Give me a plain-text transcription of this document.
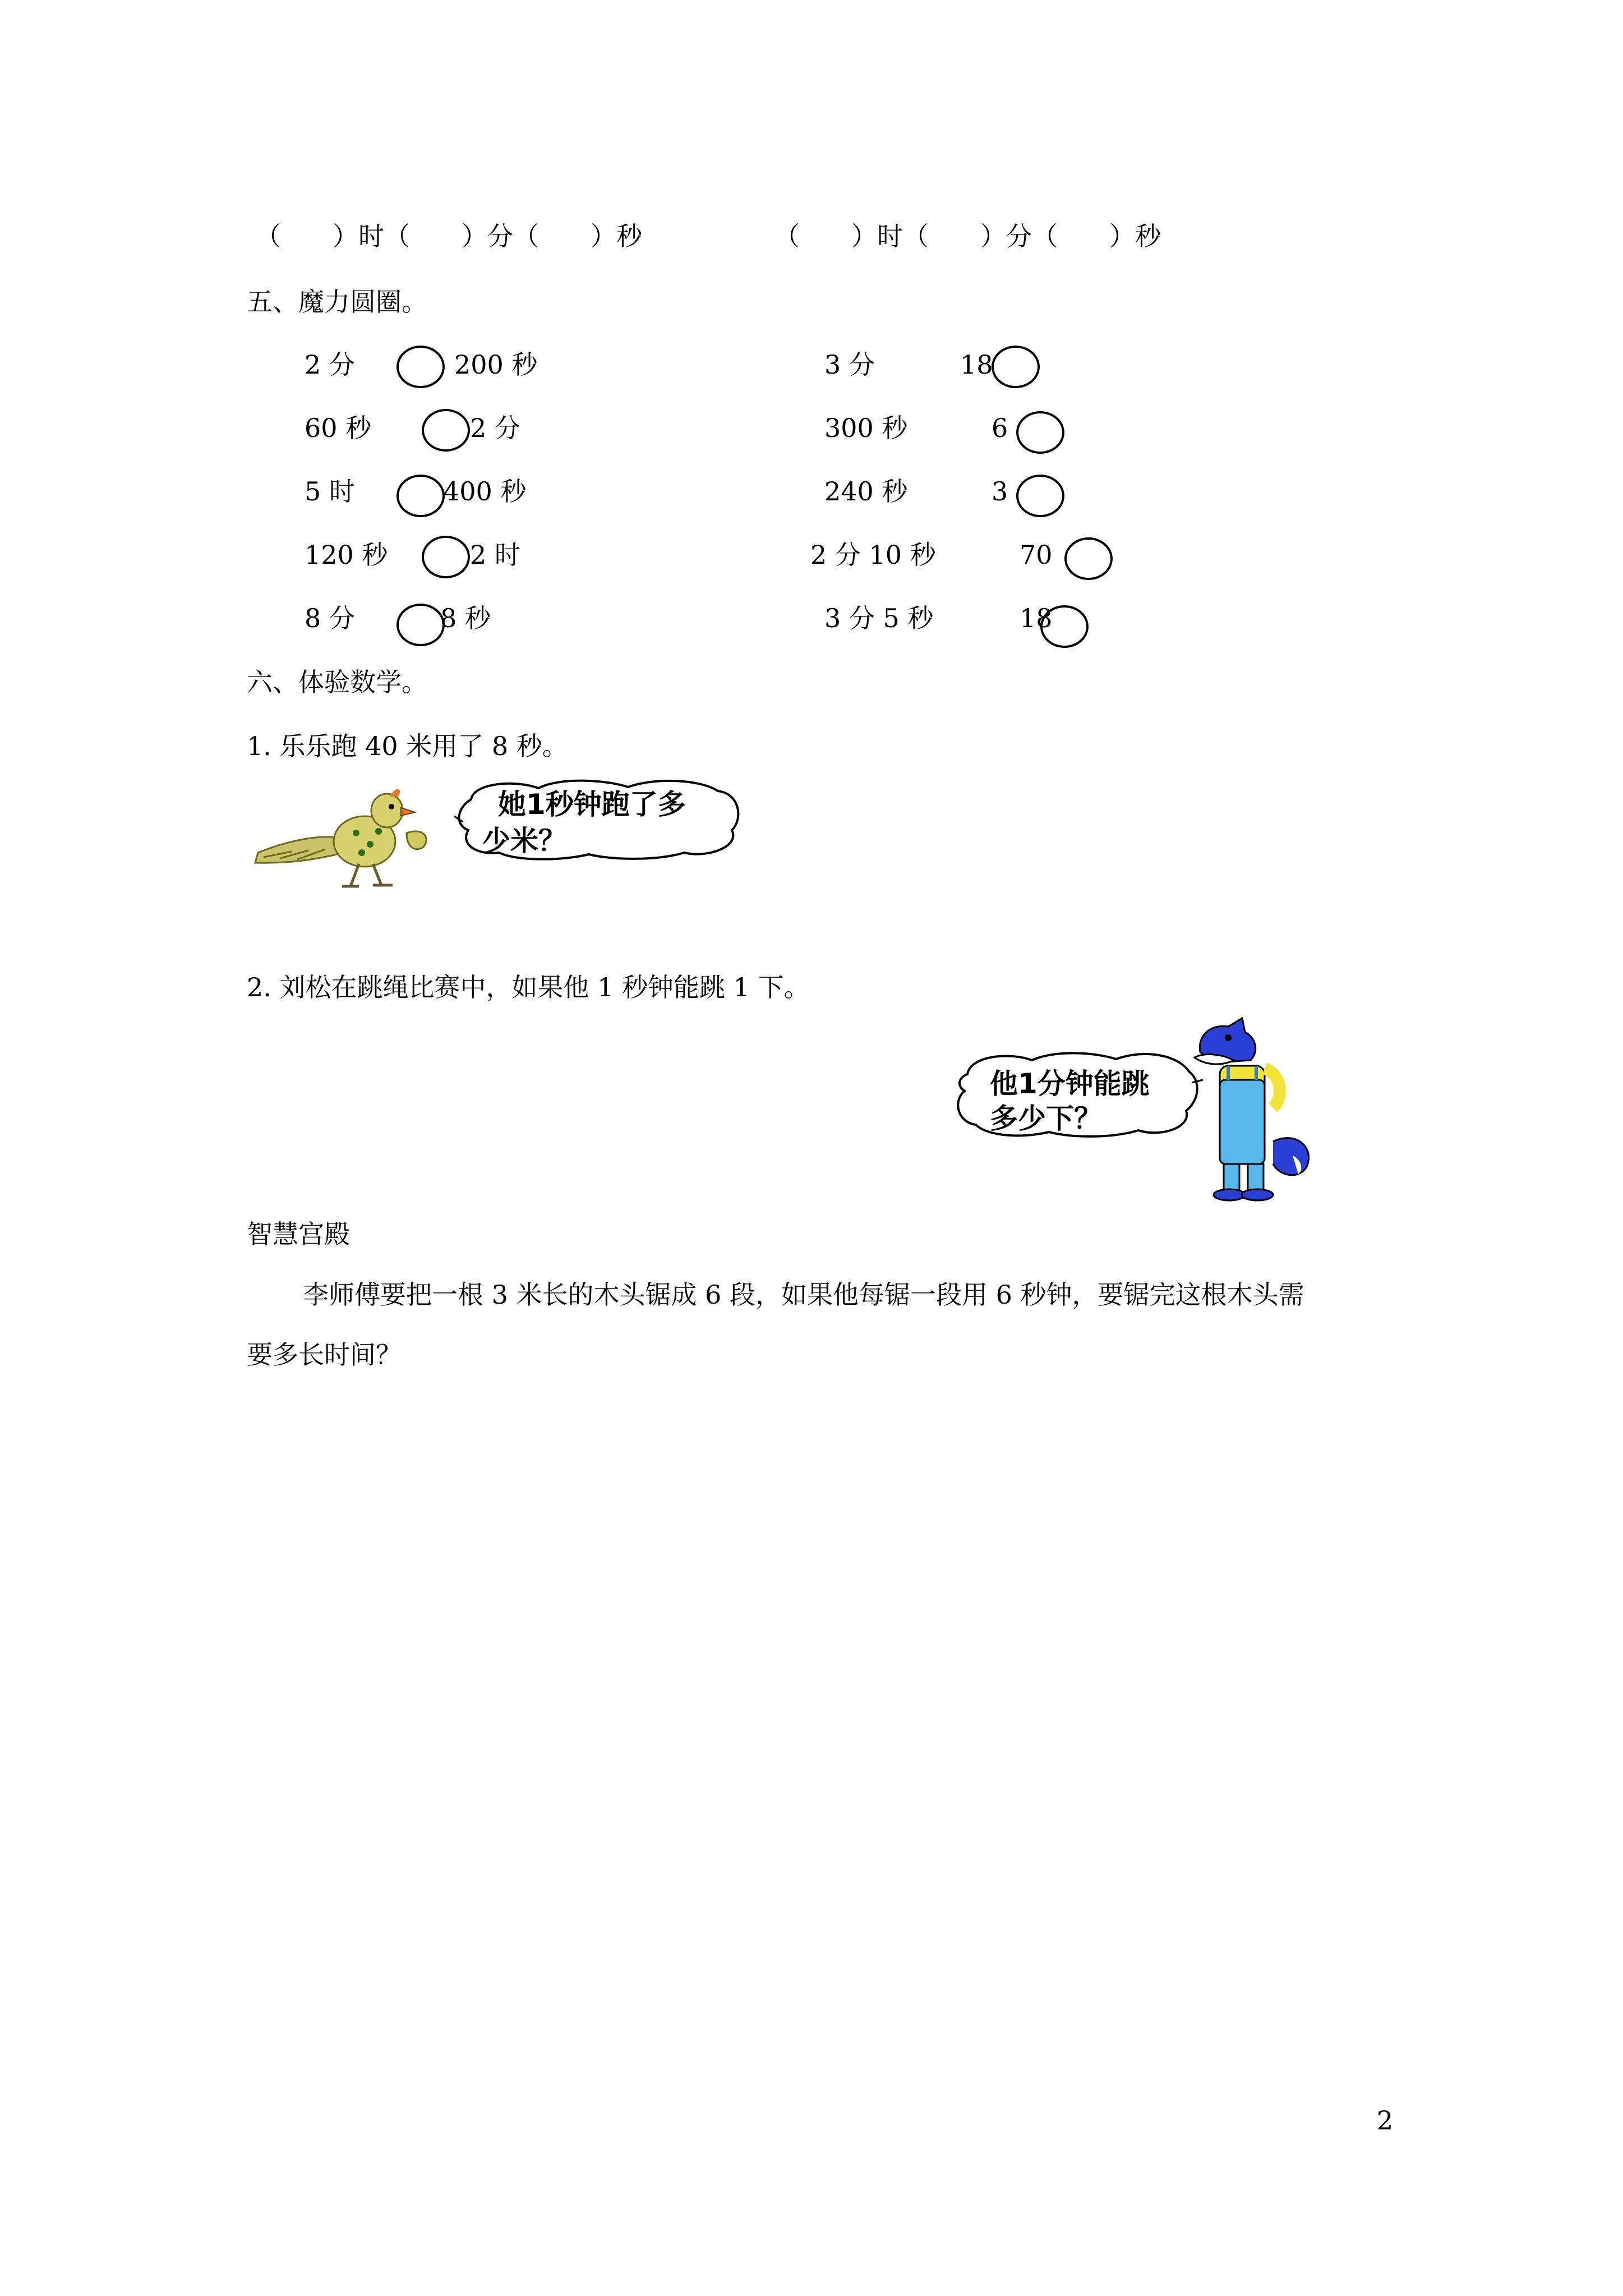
（　　）时（　　）分（　　）秒	（　　）时（　　）分（　　）秒
五、魔力圆圈。
2 分	200 秒	3 分	18
60 秒	2 分	300 秒	6
5 时	400 秒	240 秒	3
120 秒	2 时	2 分 10 秒	70
8 分	8 秒	3 分 5 秒	18
六、体验数学。
1. 乐乐跑 40 米用了 8 秒。
她1秒钟跑了多
少米？
2. 刘松在跳绳比赛中，如果他 1 秒钟能跳 1 下。
他1分钟能跳
多少下？
智慧宫殿
李师傅要把一根 3 米长的木头锯成 6 段，如果他每锯一段用 6 秒钟，要锯完这根木头需
要多长时间？
2
